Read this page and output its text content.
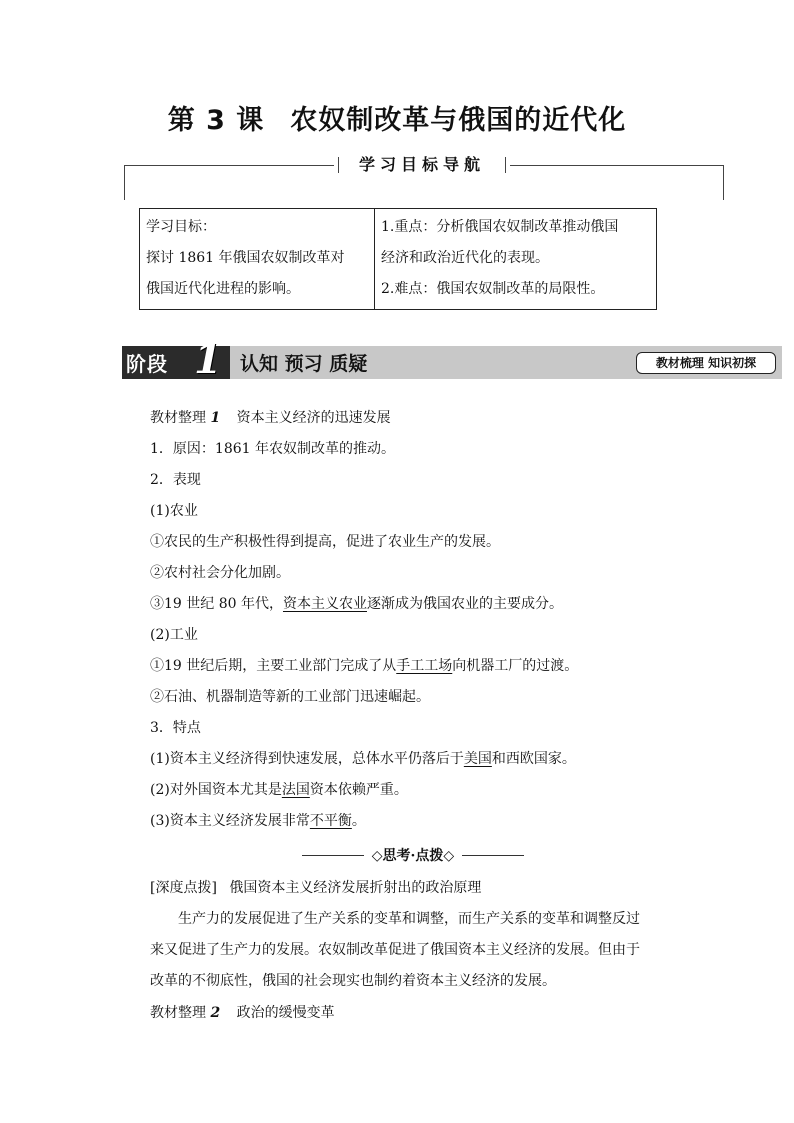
第 3 课 农奴制改革与俄国的近代化
学习目标导航
学习目标：
探讨 1861 年俄国农奴制改革对
俄国近代化进程的影响。

1.重点：分析俄国农奴制改革推动俄国
经济和政治近代化的表现。
2.难点：俄国农奴制改革的局限性。
阶段 1 认知 预习 质疑	教材梳理 知识初探
教材整理 1 资本主义经济的迅速发展
1．原因：1861 年农奴制改革的推动。
2．表现
(1)农业
①农民的生产积极性得到提高，促进了农业生产的发展。
②农村社会分化加剧。
③19 世纪 80 年代，资本主义农业逐渐成为俄国农业的主要成分。
(2)工业
①19 世纪后期，主要工业部门完成了从手工工场向机器工厂的过渡。
②石油、机器制造等新的工业部门迅速崛起。
3．特点
(1)资本主义经济得到快速发展，总体水平仍落后于美国和西欧国家。
(2)对外国资本尤其是法国资本依赖严重。
(3)资本主义经济发展非常不平衡。
◇思考·点拨◇
[深度点拨] 俄国资本主义经济发展折射出的政治原理
生产力的发展促进了生产关系的变革和调整，而生产关系的变革和调整反过来又促进了生产力的发展。农奴制改革促进了俄国资本主义经济的发展。但由于改革的不彻底性，俄国的社会现实也制约着资本主义经济的发展。
教材整理 2 政治的缓慢变革
